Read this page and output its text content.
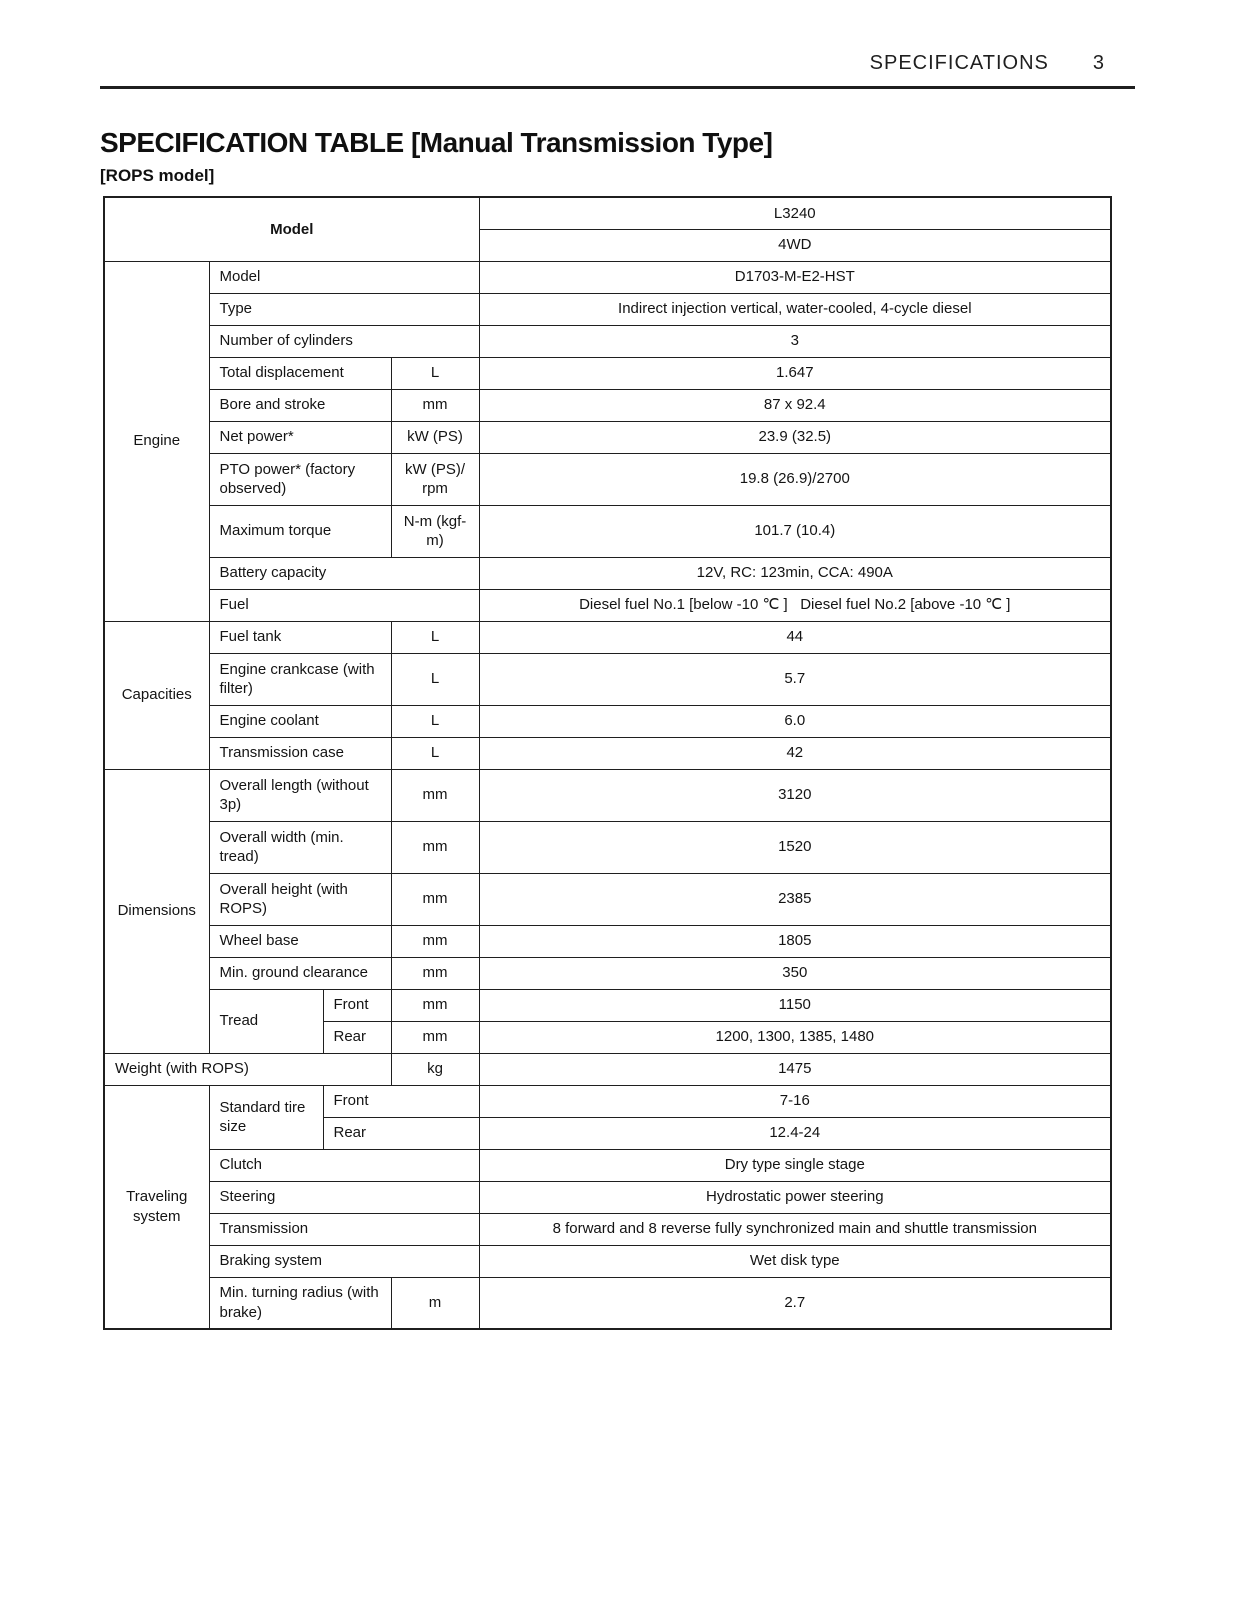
SPECIFICATIONS 3
SPECIFICATION TABLE [Manual Transmission Type]
[ROPS model]
Model				L3240
				4WD
Engine	Model			D1703-M-E2-HST
	Type			Indirect injection vertical, water-cooled, 4-cycle diesel
	Number of cylinders			3
	Total displacement		L	1.647
	Bore and stroke		mm	87 x 92.4
	Net power*		kW (PS)	23.9 (32.5)
	PTO power* (factory observed)		kW (PS)/ rpm	19.8 (26.9)/2700
	Maximum torque		N-m (kgf-m)	101.7 (10.4)
	Battery capacity			12V, RC: 123min, CCA: 490A
	Fuel			Diesel fuel No.1 [below -10 ℃ ]   Diesel fuel No.2 [above -10 ℃ ]
Capacities	Fuel tank		L	44
	Engine crankcase (with filter)		L	5.7
	Engine coolant		L	6.0
	Transmission case		L	42
Dimensions	Overall length (without 3p)		mm	3120
	Overall width (min. tread)		mm	1520
	Overall height (with ROPS)		mm	2385
	Wheel base		mm	1805
	Min. ground clearance		mm	350
	Tread	Front	mm	1150
		Rear	mm	1200, 1300, 1385, 1480
Weight (with ROPS)			kg	1475
Traveling system	Standard tire size	Front		7-16
		Rear		12.4-24
	Clutch			Dry type single stage
	Steering			Hydrostatic power steering
	Transmission			8 forward and 8 reverse fully synchronized main and shuttle transmission
	Braking system			Wet disk type
	Min. turning radius (with brake)		m	2.7
